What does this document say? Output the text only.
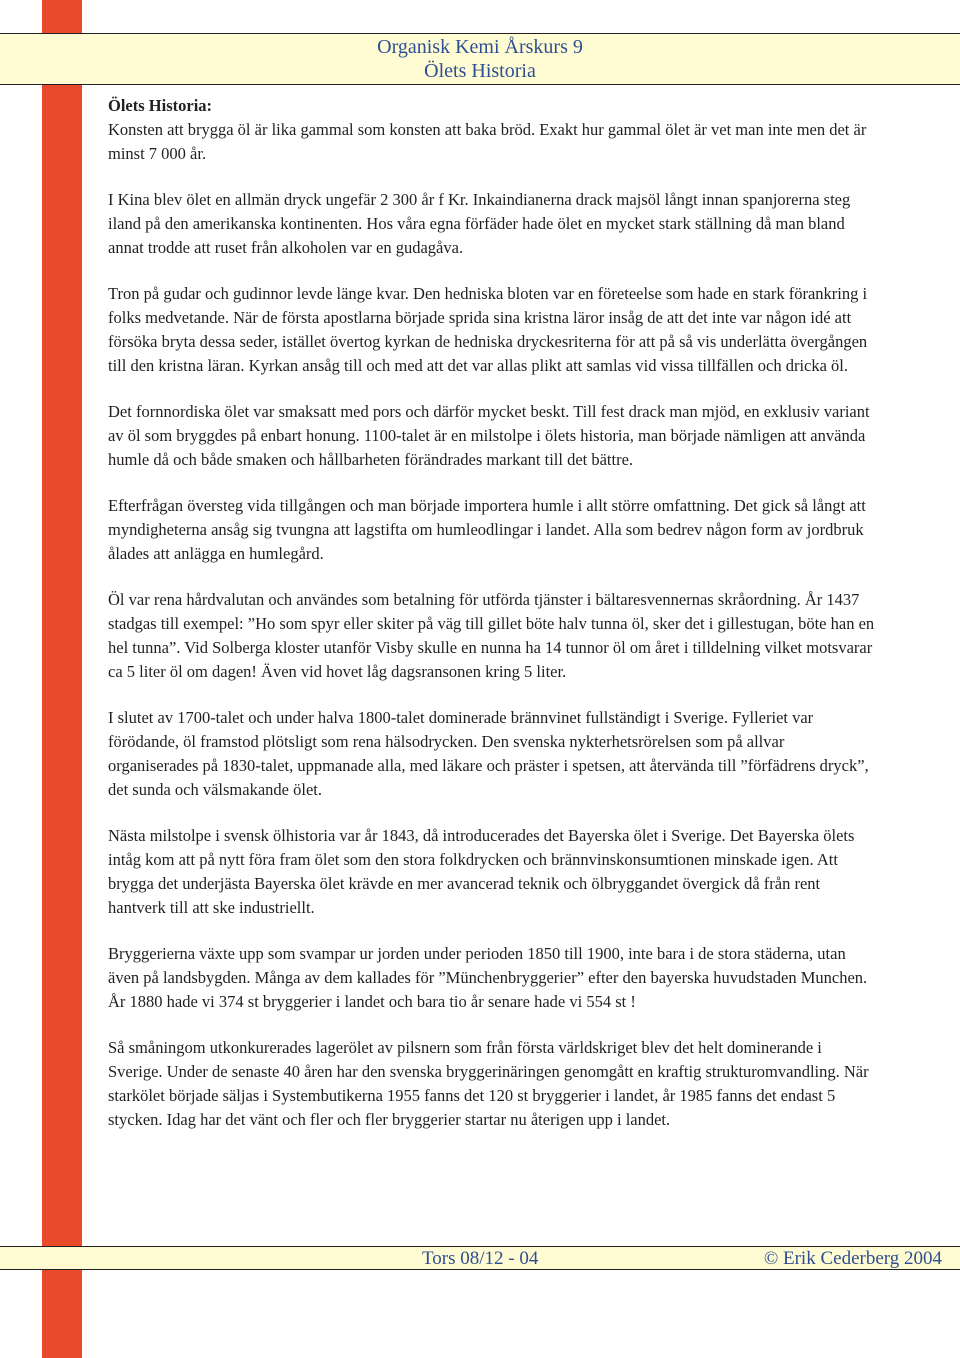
Organisk Kemi Årskurs 9
Ölets Historia
Ölets Historia:

Konsten att brygga öl är lika gammal som konsten att baka bröd. Exakt hur gammal ölet är vet man inte men det är minst 7 000 år.

I Kina blev ölet en allmän dryck ungefär 2 300 år f Kr. Inkaindianerna drack majsöl långt innan spanjorerna steg iland på den amerikanska kontinenten. Hos våra egna förfäder hade ölet en mycket stark ställning då man bland annat trodde att ruset från alkoholen var en gudagåva.

Tron på gudar och gudinnor levde länge kvar. Den hedniska bloten var en företeelse som hade en stark förankring i folks medvetande. När de första apostlarna började sprida sina kristna läror insåg de att det inte var någon idé att försöka bryta dessa seder, istället övertog kyrkan de hedniska dryckesriterna för att på så vis underlätta övergången till den kristna läran. Kyrkan ansåg till och med att det var allas plikt att samlas vid vissa tillfällen och dricka öl.

Det fornnordiska ölet var smaksatt med pors och därför mycket beskt. Till fest drack man mjöd, en exklusiv variant av öl som bryggdes på enbart honung. 1100-talet är en milstolpe i ölets historia, man började nämligen att använda humle då och både smaken och hållbarheten förändrades markant till det bättre.

Efterfrågan översteg vida tillgången och man började importera humle i allt större omfattning. Det gick så långt att myndigheterna ansåg sig tvungna att lagstifta om humleodlingar i landet. Alla som bedrev någon form av jordbruk ålades att anlägga en humlegård.

Öl var rena hårdvalutan och användes som betalning för utförda tjänster i bältaresvennernas skråordning. År 1437 stadgas till exempel: ”Ho som spyr eller skiter på väg till gillet böte halv tunna öl, sker det i gillestugan, böte han en hel tunna”. Vid Solberga kloster utanför Visby skulle en nunna ha 14 tunnor öl om året i tilldelning vilket motsvarar ca 5 liter öl om dagen! Även vid hovet låg dagsransonen kring 5 liter.

I slutet av 1700-talet och under halva 1800-talet dominerade brännvinet fullständigt i Sverige. Fylleriet var förödande, öl framstod plötsligt som rena hälsodrycken. Den svenska nykterhetsrörelsen som på allvar organiserades på 1830-talet, uppmanade alla, med läkare och präster i spetsen, att återvända till ”förfädrens dryck”, det sunda och välsmakande ölet.

Nästa milstolpe i svensk ölhistoria var år 1843, då introducerades det Bayerska ölet i Sverige. Det Bayerska ölets intåg kom att på nytt föra fram ölet som den stora folkdrycken och brännvinskonsumtionen minskade igen. Att brygga det underjästa Bayerska ölet krävde en mer avancerad teknik och ölbryggandet övergick då från rent hantverk till att ske industriellt.

Bryggerierna växte upp som svampar ur jorden under perioden 1850 till 1900, inte bara i de stora städerna, utan även på landsbygden. Många av dem kallades för ”Münchenbryggerier” efter den bayerska huvudstaden Munchen. År 1880 hade vi 374 st bryggerier i landet och bara tio år senare hade vi 554 st !

Så småningom utkonkurerades lagerölet av pilsnern som från första världskriget blev det helt dominerande i Sverige. Under de senaste 40 åren har den svenska bryggerinäringen genomgått en kraftig strukturomvandling. När starkölet började säljas i Systembutikerna 1955 fanns det 120 st bryggerier i landet, år 1985 fanns det endast 5 stycken. Idag har det vänt och fler och fler bryggerier startar nu återigen upp i landet.

Tors 08/12 - 04	© Erik Cederberg 2004
